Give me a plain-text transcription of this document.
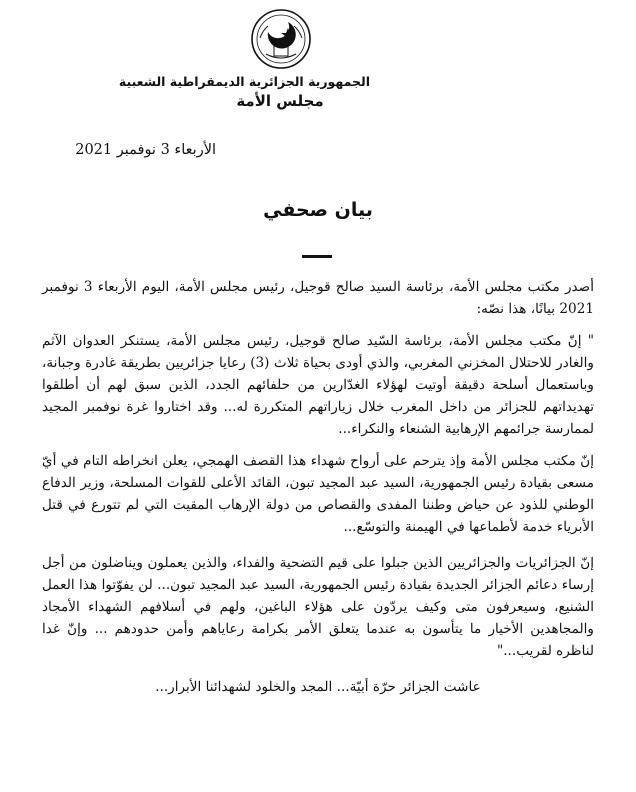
الجمهورية الجزائرية الديمقراطية الشعبية
مجلس الأمة
الأربعاء 3 نوفمبر 2021
بيان صحفي

أصدر مكتب مجلس الأمة، برئاسة السيد صالح قوجيل، رئيس مجلس الأمة، اليوم الأربعاء 3 نوفمبر 2021 بيانًا، هذا نصّه:

" إنّ مكتب مجلس الأمة، برئاسة السّيد صالح قوجيل، رئيس مجلس الأمة، يستنكر العدوان الآثم والغادر للاحتلال المخزني المغربي، والذي أودى بحياة ثلاث (3) رعايا جزائريين بطريقة غادرة وجبانة، وباستعمال أسلحة دقيقة أوتيت لهؤلاء الغدّارين من حلفائهم الجدد، الذين سبق لهم أن أطلقوا تهديداتهم للجزائر من داخل المغرب خلال زياراتهم المتكررة له... وقد اختاروا غرة نوفمبر المجيد لممارسة جرائمهم الإرهابية الشنعاء والنكراء...

إنّ مكتب مجلس الأمة وإذ يترحم على أرواح شهداء هذا القصف الهمجي، يعلن انخراطه التام في أيّ مسعى بقيادة رئيس الجمهورية، السيد عبد المجيد تبون، القائد الأعلى للقوات المسلحة، وزير الدفاع الوطني للذود عن حياض وطننا المفدى والقصاص من دولة الإرهاب المقيت التي لم تتورع في قتل الأبرياء خدمة لأطماعها في الهيمنة والتوسّع...

إنّ الجزائريات والجزائريين الذين جبلوا على قيم التضحية والفداء، والذين يعملون ويناضلون من أجل إرساء دعائم الجزائر الجديدة بقيادة رئيس الجمهورية، السيد عبد المجيد تبون... لن يفوّتوا هذا العمل الشنيع، وسيعرفون متى وكيف يردّون على هؤلاء الباغين، ولهم في أسلافهم الشهداء الأمجاد والمجاهدين الأخيار ما يتأسون به عندما يتعلق الأمر بكرامة رعاياهم وأمن حدودهم ... وإنّ غدا لناظره لقريب..."

عاشت الجزائر حرّة أبيّة... المجد والخلود لشهدائنا الأبرار...
